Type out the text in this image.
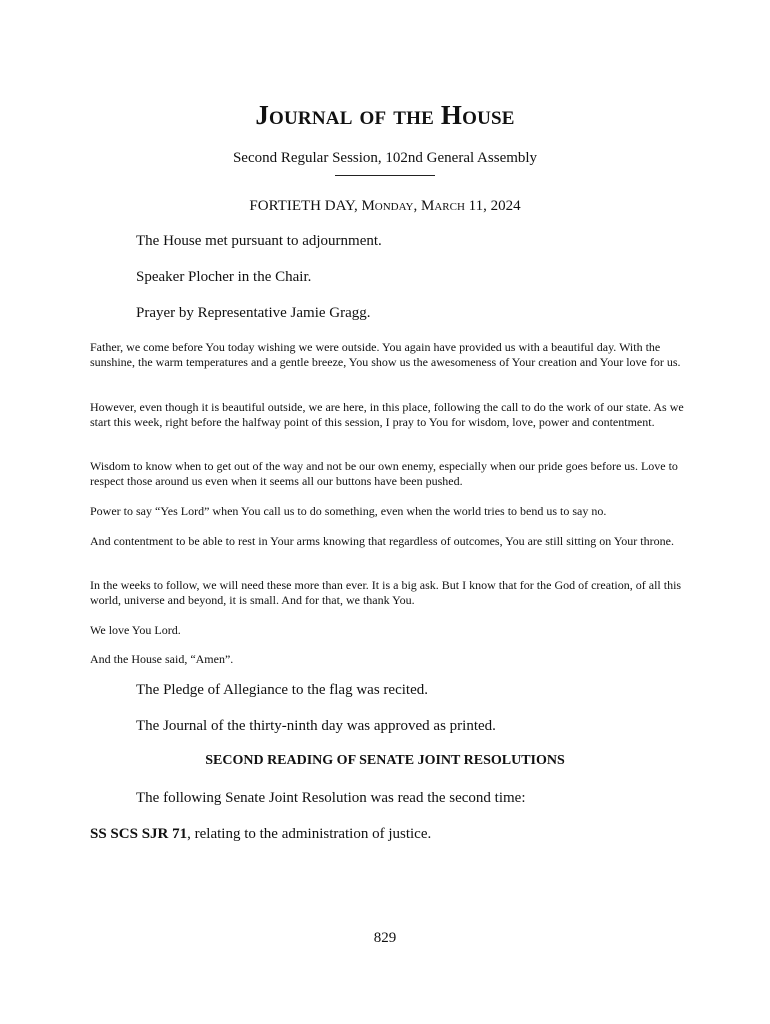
Journal of the House
Second Regular Session, 102nd General Assembly
FORTIETH DAY, Monday, March 11, 2024
The House met pursuant to adjournment.
Speaker Plocher in the Chair.
Prayer by Representative Jamie Gragg.

Father, we come before You today wishing we were outside. You again have provided us with a beautiful day. With the sunshine, the warm temperatures and a gentle breeze, You show us the awesomeness of Your creation and Your love for us.

However, even though it is beautiful outside, we are here, in this place, following the call to do the work of our state. As we start this week, right before the halfway point of this session, I pray to You for wisdom, love, power and contentment.

Wisdom to know when to get out of the way and not be our own enemy, especially when our pride goes before us. Love to respect those around us even when it seems all our buttons have been pushed.

Power to say “Yes Lord” when You call us to do something, even when the world tries to bend us to say no.

And contentment to be able to rest in Your arms knowing that regardless of outcomes, You are still sitting on Your throne.

In the weeks to follow, we will need these more than ever. It is a big ask. But I know that for the God of creation, of all this world, universe and beyond, it is small. And for that, we thank You.

We love You Lord.

And the House said, “Amen”.

The Pledge of Allegiance to the flag was recited.
The Journal of the thirty-ninth day was approved as printed.
SECOND READING OF SENATE JOINT RESOLUTIONS
The following Senate Joint Resolution was read the second time:
SS SCS SJR 71, relating to the administration of justice.
829
